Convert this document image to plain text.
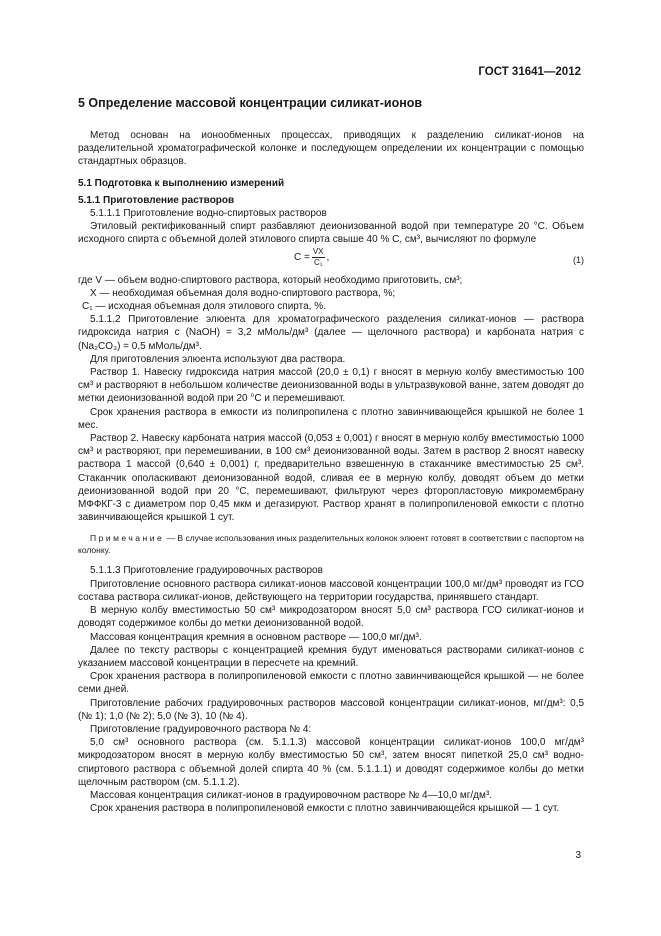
ГОСТ 31641—2012
5 Определение массовой концентрации силикат-ионов

Метод основан на ионообменных процессах, приводящих к разделению силикат-ионов на разделительной хроматографической колонке и последующем определении их концентрации с помощью стандартных образцов.

5.1 Подготовка к выполнению измерений

5.1.1 Приготовление растворов

5.1.1.1 Приготовление водно-спиртовых растворов

Этиловый ректификованный спирт разбавляют деионизованной водой при температуре 20 °С. Объем исходного спирта с объемной долей этилового спирта свыше 40 % C, см³, вычисляют по формуле

$C = \frac{VX}{\text{C₁}}$ ,	(1)

где V — объем водно-спиртового раствора, который необходимо приготовить, см³;

X — необходимая объемная доля водно-спиртового раствора, %;

C₁ — исходная объемная доля этилового спирта, %.

5.1.1.2 Приготовление элюента для хроматографического разделения силикат-ионов — раствора гидроксида натрия c (NaOH) = 3,2 мМоль/дм³ (далее — щелочного раствора) и карбоната натрия c (Na₂CO₃) = 0,5 мМоль/дм³.

Для приготовления элюента используют два раствора.

Раствор 1. Навеску гидроксида натрия массой (20,0 ± 0,1) г вносят в мерную колбу вместимостью 100 см³ и растворяют в небольшом количестве деионизованной воды в ультразвуковой ванне, затем доводят до метки деионизованной водой при 20 °С и перемешивают.

Срок хранения раствора в емкости из полипропилена с плотно завинчивающейся крышкой не более 1 мес.

Раствор 2. Навеску карбоната натрия массой (0,053 ± 0,001) г вносят в мерную колбу вместимостью 1000 см³ и растворяют, при перемешивании, в 100 см³ деионизованной воды. Затем в раствор 2 вносят навеску раствора 1 массой (0,640 ± 0,001) г, предварительно взвешенную в стаканчике вместимостью 25 см³. Стаканчик ополаскивают деионизованной водой, сливая ее в мерную колбу, доводят объем до метки деионизованной водой при 20 °С, перемешивают, фильтруют через фторопластовую микромембрану МФФКГ-3 с диаметром пор 0,45 мкм и дегазируют. Раствор хранят в полипропиленовой емкости с плотно завинчивающейся крышкой 1 сут.

Примечание — В случае использования иных разделительных колонок элюент готовят в соответствии с паспортом на колонку.

5.1.1.3 Приготовление градуировочных растворов

Приготовление основного раствора силикат-ионов массовой концентрации 100,0 мг/дм³ проводят из ГСО состава раствора силикат-ионов, действующего на территории государства, принявшего стандарт.

В мерную колбу вместимостью 50 см³ микродозатором вносят 5,0 см³ раствора ГСО силикат-ионов и доводят содержимое колбы до метки деионизованной водой.

Массовая концентрация кремния в основном растворе — 100,0 мг/дм³.

Далее по тексту растворы с концентрацией кремния будут именоваться растворами силикат-ионов с указанием массовой концентрации в пересчете на кремний.

Срок хранения раствора в полипропиленовой емкости с плотно завинчивающейся крышкой — не более семи дней.

Приготовление рабочих градуировочных растворов массовой концентрации силикат-ионов, мг/дм³: 0,5 (№ 1); 1,0 (№ 2); 5,0 (№ 3), 10 (№ 4).

Приготовление градуировочного раствора № 4:

5,0 см³ основного раствора (см. 5.1.1.3) массовой концентрации силикат-ионов 100,0 мг/дм³ микродозатором вносят в мерную колбу вместимостью 50 см³, затем вносят пипеткой 25,0 см³ водно-спиртового раствора с объемной долей спирта 40 % (см. 5.1.1.1) и доводят содержимое колбы до метки щелочным раствором (см. 5.1.1.2).

Массовая концентрация силикат-ионов в градуировочном растворе № 4—10,0 мг/дм³.

Срок хранения раствора в полипропиленовой емкости с плотно завинчивающейся крышкой — 1 сут.

3
